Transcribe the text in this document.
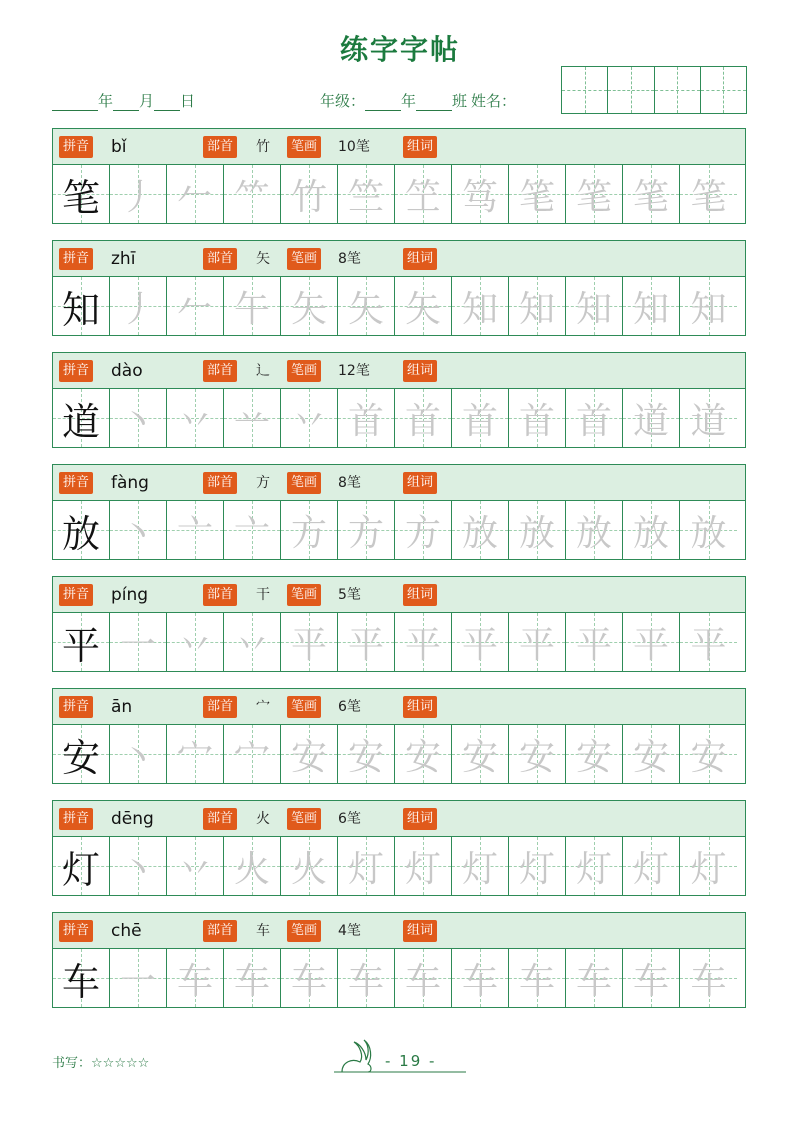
练字字帖
年 月 日	年级： 年 班 姓名：
拼音 bǐ	部首 竹	笔画 10笔	组词
笔 丿 𠂉 ⺮ 竹 竺 笁 笃 笔 笔 笔 笔
拼音 zhī	部首 矢	笔画 8笔	组词
知 丿 𠂉 午 矢 矢 矢 知 知 知 知 知
拼音 dào	部首 辶	笔画 12笔	组词
道 丶 丷 䒑 丷 首 首 首 首 首 道 道
拼音 fàng	部首 方	笔画 8笔	组词
放 丶 亠 亠 方 方 方 放 放 放 放 放
拼音 píng	部首 干	笔画 5笔	组词
平 一 丷 丷 平 平 平 平 平 平 平 平
拼音 ān	部首 宀	笔画 6笔	组词
安 丶 宀 宀 安 安 安 安 安 安 安 安
拼音 dēng	部首 火	笔画 6笔	组词
灯 丶 丷 火 火 灯 灯 灯 灯 灯 灯 灯
拼音 chē	部首 车	笔画 4笔	组词
车 一 车 车 车 车 车 车 车 车 车 车
书写：☆☆☆☆☆	- 19 -
